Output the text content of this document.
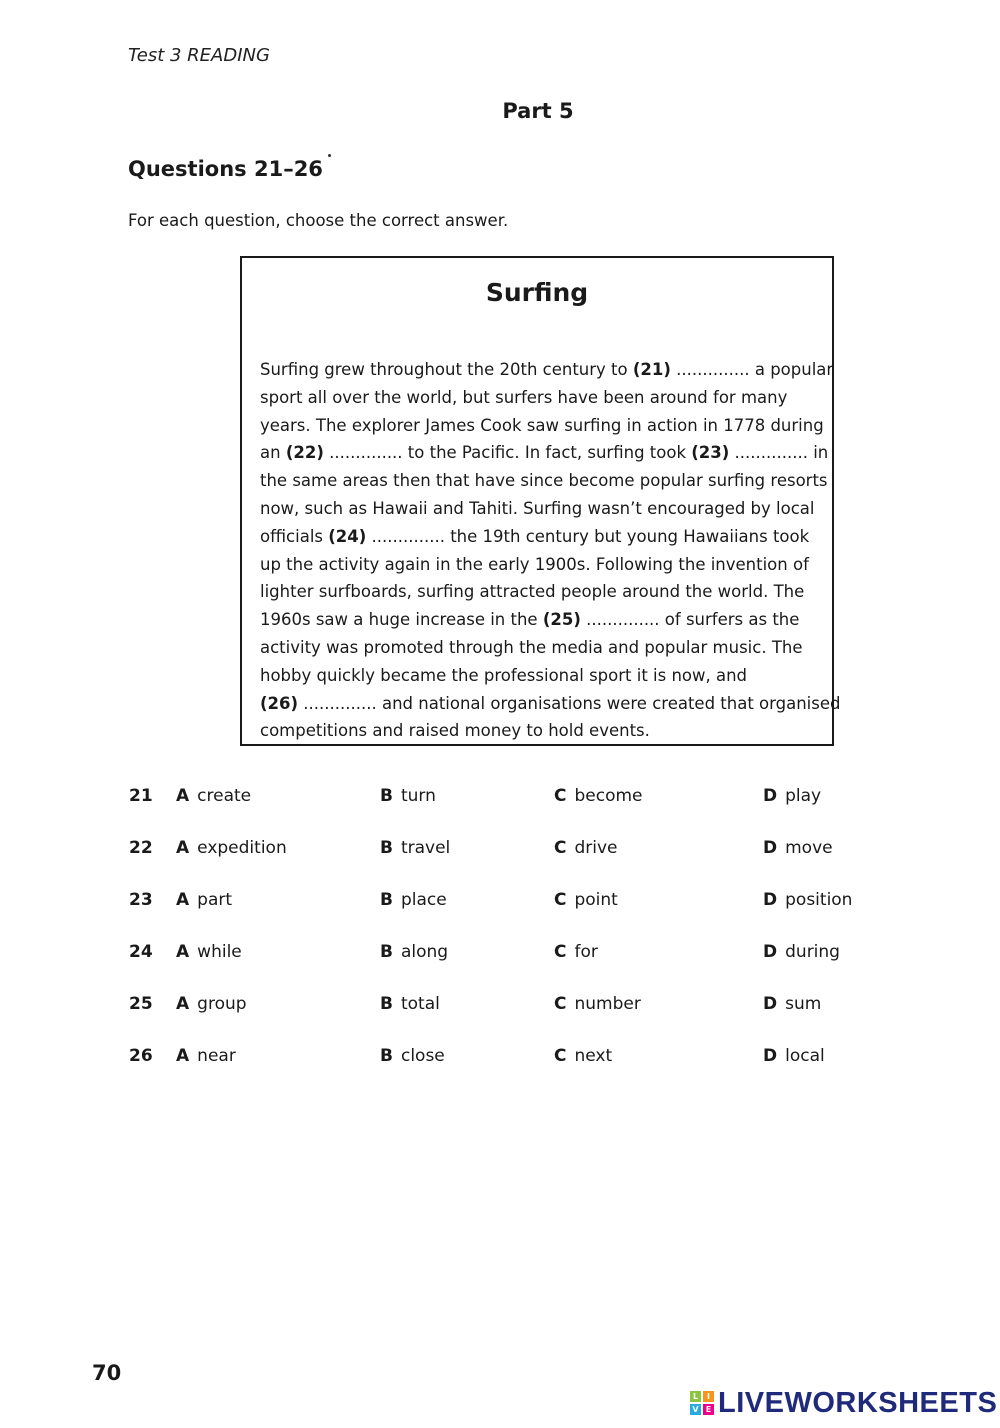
Test 3 READING
Part 5
Questions 21–26
For each question, choose the correct answer.
Surfing
Surfing grew throughout the 20th century to (21) .............. a popular
sport all over the world, but surfers have been around for many
years. The explorer James Cook saw surfing in action in 1778 during
an (22) .............. to the Pacific. In fact, surfing took (23) .............. in
the same areas then that have since become popular surfing resorts
now, such as Hawaii and Tahiti. Surfing wasn’t encouraged by local
officials (24) .............. the 19th century but young Hawaiians took
up the activity again in the early 1900s. Following the invention of
lighter surfboards, surfing attracted people around the world. The
1960s saw a huge increase in the (25) .............. of surfers as the
activity was promoted through the media and popular music. The
hobby quickly became the professional sport it is now, and
(26) .............. and national organisations were created that organised
competitions and raised money to hold events.
21 A create	B turn	C become	D play
22 A expedition	B travel	C drive	D move
23 A part	B place	C point	D position
24 A while	B along	C for	D during
25 A group	B total	C number	D sum
26 A near	B close	C next	D local
70
L	I
V E LIVEWORKSHEETS
